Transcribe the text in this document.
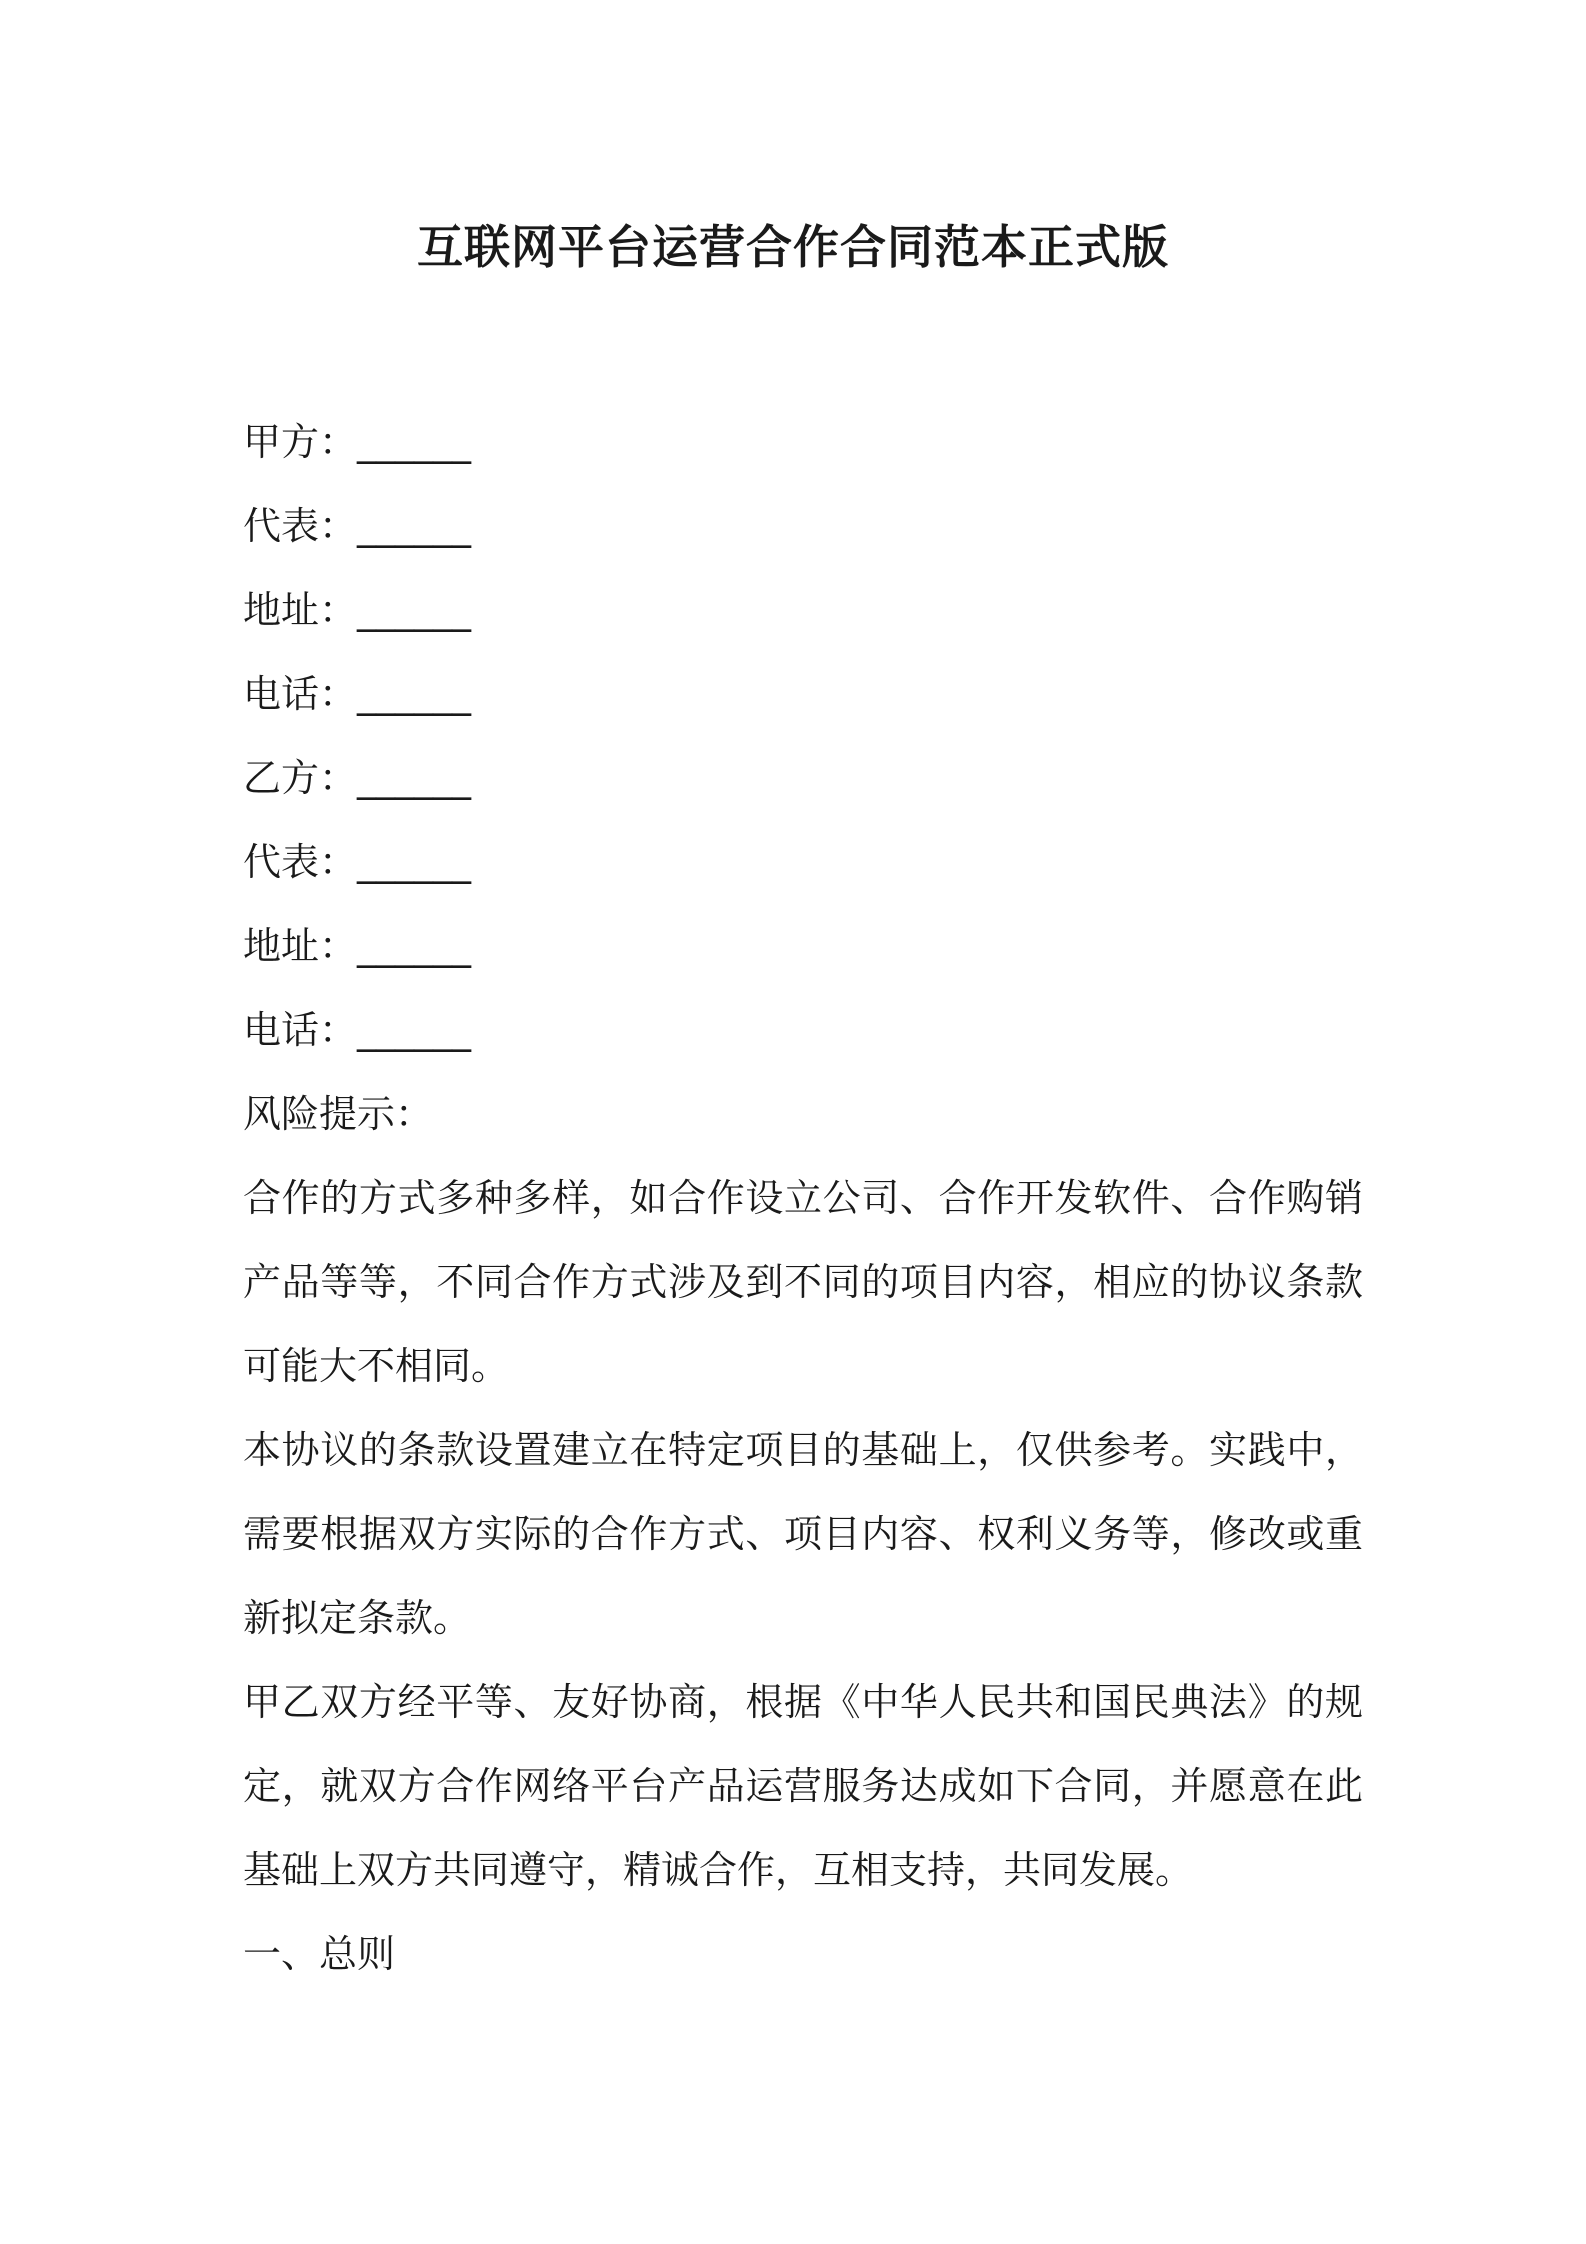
互联网平台运营合作合同范本正式版
甲方：______
代表：______
地址：______
电话：______
乙方：______
代表：______
地址：______
电话：______

风险提示：

合作的方式多种多样，如合作设立公司、合作开发软件、合作购销产品等等，不同合作方式涉及到不同的项目内容，相应的协议条款可能大不相同。

本协议的条款设置建立在特定项目的基础上，仅供参考。实践中，需要根据双方实际的合作方式、项目内容、权利义务等，修改或重新拟定条款。

甲乙双方经平等、友好协商，根据《中华人民共和国民典法》的规定，就双方合作网络平台产品运营服务达成如下合同，并愿意在此基础上双方共同遵守，精诚合作，互相支持，共同发展。

一、总则
